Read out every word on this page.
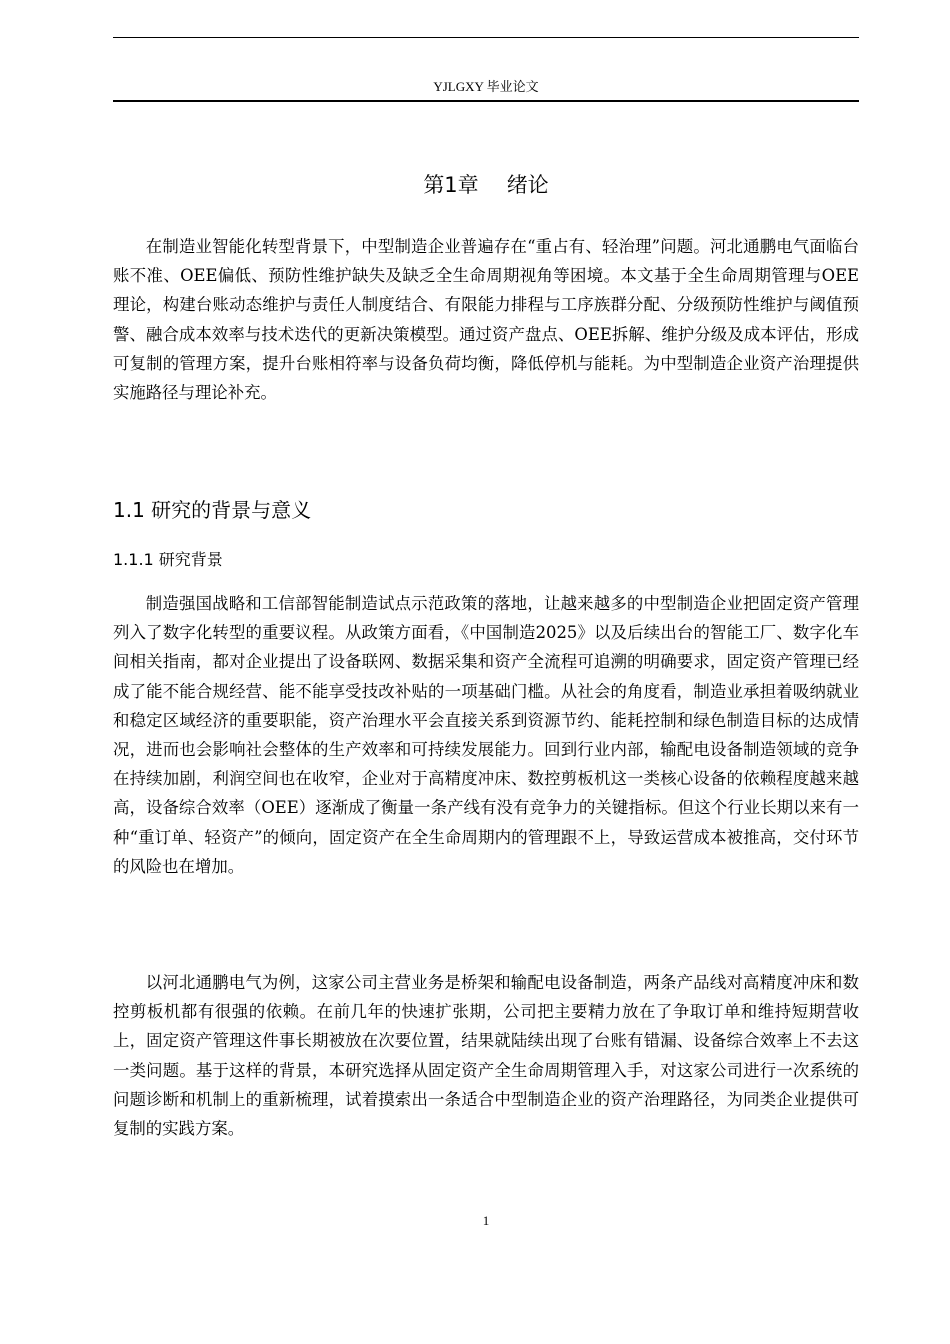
YJLGXY 毕业论文
第1章 绪论

在制造业智能化转型背景下，中型制造企业普遍存在“重占有、轻治理”问题。河北通鹏电气面临台账不准、OEE偏低、预防性维护缺失及缺乏全生命周期视角等困境。本文基于全生命周期管理与OEE理论，构建台账动态维护与责任人制度结合、有限能力排程与工序族群分配、分级预防性维护与阈值预警、融合成本效率与技术迭代的更新决策模型。通过资产盘点、OEE拆解、维护分级及成本评估，形成可复制的管理方案，提升台账相符率与设备负荷均衡，降低停机与能耗。为中型制造企业资产治理提供实施路径与理论补充。

1.1 研究的背景与意义
1.1.1 研究背景

制造强国战略和工信部智能制造试点示范政策的落地，让越来越多的中型制造企业把固定资产管理列入了数字化转型的重要议程。从政策方面看，《中国制造2025》以及后续出台的智能工厂、数字化车间相关指南，都对企业提出了设备联网、数据采集和资产全流程可追溯的明确要求，固定资产管理已经成了能不能合规经营、能不能享受技改补贴的一项基础门槛。从社会的角度看，制造业承担着吸纳就业和稳定区域经济的重要职能，资产治理水平会直接关系到资源节约、能耗控制和绿色制造目标的达成情况，进而也会影响社会整体的生产效率和可持续发展能力。回到行业内部，输配电设备制造领域的竞争在持续加剧，利润空间也在收窄，企业对于高精度冲床、数控剪板机这一类核心设备的依赖程度越来越高，设备综合效率（OEE）逐渐成了衡量一条产线有没有竞争力的关键指标。但这个行业长期以来有一种“重订单、轻资产”的倾向，固定资产在全生命周期内的管理跟不上，导致运营成本被推高，交付环节的风险也在增加。

以河北通鹏电气为例，这家公司主营业务是桥架和输配电设备制造，两条产品线对高精度冲床和数控剪板机都有很强的依赖。在前几年的快速扩张期，公司把主要精力放在了争取订单和维持短期营收上，固定资产管理这件事长期被放在次要位置，结果就陆续出现了台账有错漏、设备综合效率上不去这一类问题。基于这样的背景，本研究选择从固定资产全生命周期管理入手，对这家公司进行一次系统的问题诊断和机制上的重新梳理，试着摸索出一条适合中型制造企业的资产治理路径，为同类企业提供可复制的实践方案。

1
